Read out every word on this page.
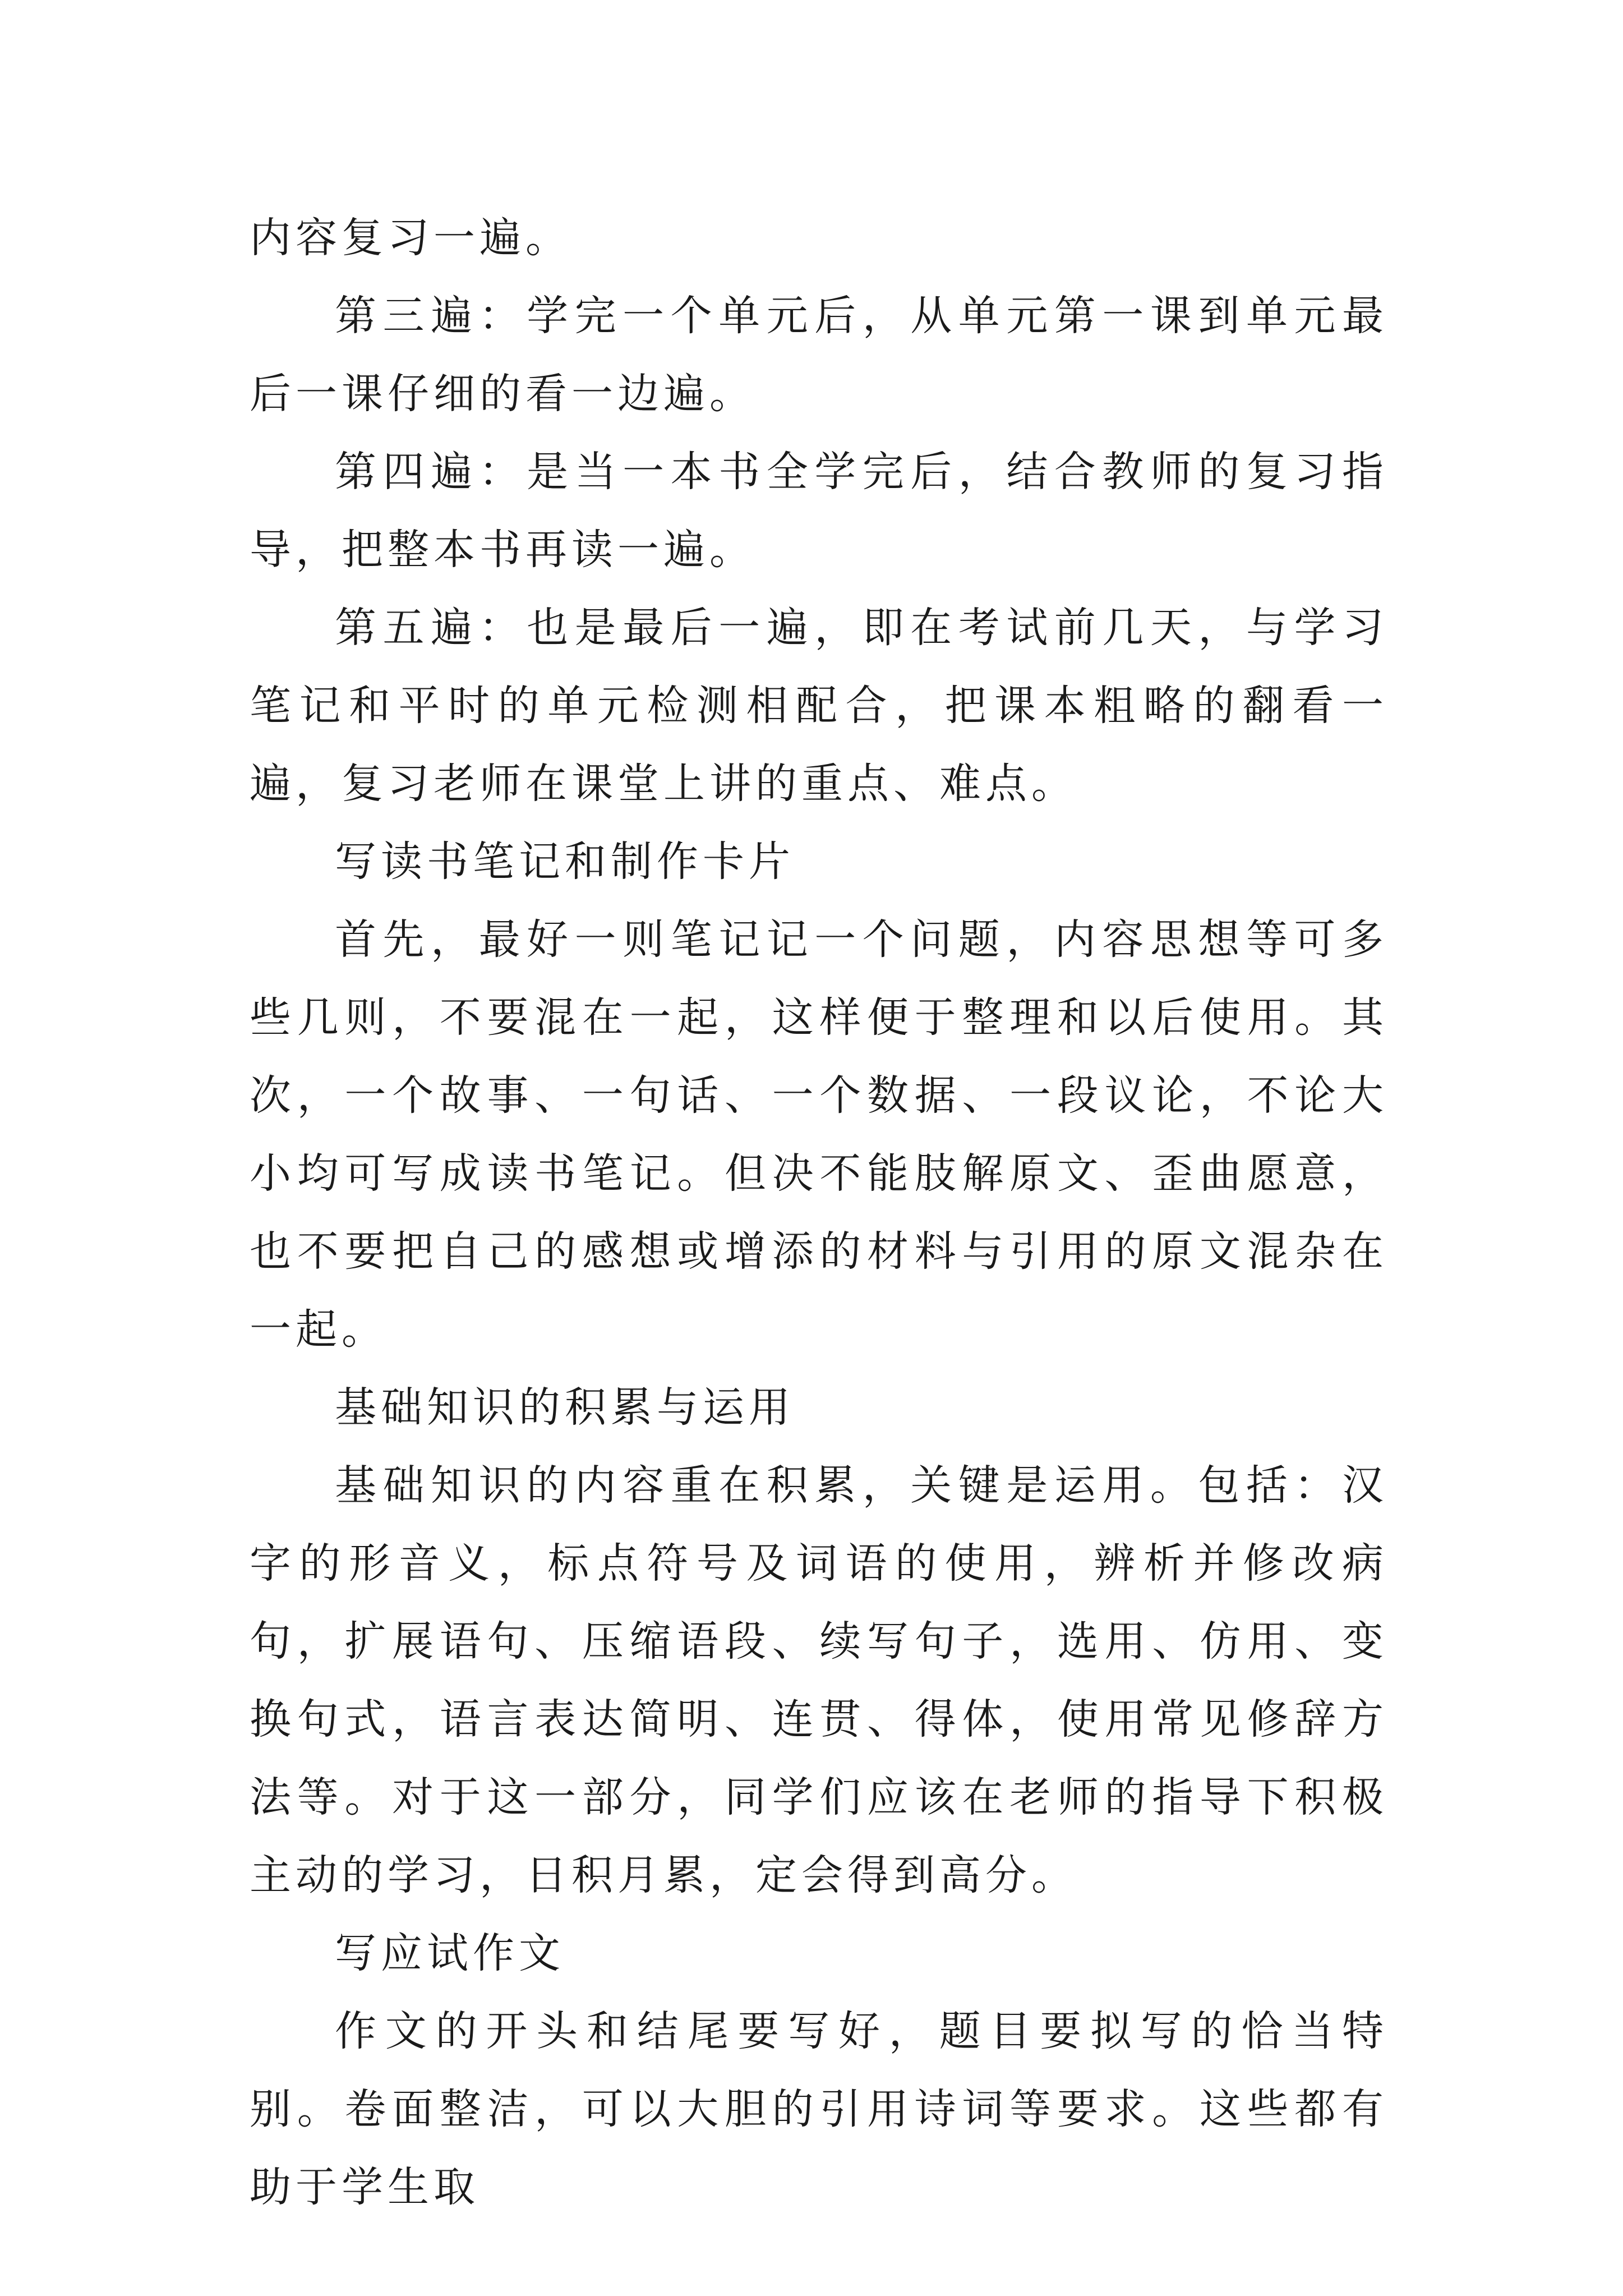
内容复习一遍。

第三遍：学完一个单元后，从单元第一课到单元最后一课仔细的看一边遍。

第四遍：是当一本书全学完后，结合教师的复习指导，把整本书再读一遍。

第五遍：也是最后一遍，即在考试前几天，与学习笔记和平时的单元检测相配合，把课本粗略的翻看一遍，复习老师在课堂上讲的重点、难点。

写读书笔记和制作卡片

首先，最好一则笔记记一个问题，内容思想等可多些几则，不要混在一起，这样便于整理和以后使用。其次，一个故事、一句话、一个数据、一段议论，不论大小均可写成读书笔记。但决不能肢解原文、歪曲愿意，也不要把自己的感想或增添的材料与引用的原文混杂在一起。

基础知识的积累与运用

基础知识的内容重在积累，关键是运用。包括：汉字的形音义，标点符号及词语的使用，辨析并修改病句，扩展语句、压缩语段、续写句子，选用、仿用、变换句式，语言表达简明、连贯、得体，使用常见修辞方法等。对于这一部分，同学们应该在老师的指导下积极主动的学习，日积月累，定会得到高分。

写应试作文

作文的开头和结尾要写好，题目要拟写的恰当特别。卷面整洁，可以大胆的引用诗词等要求。这些都有助于学生取
